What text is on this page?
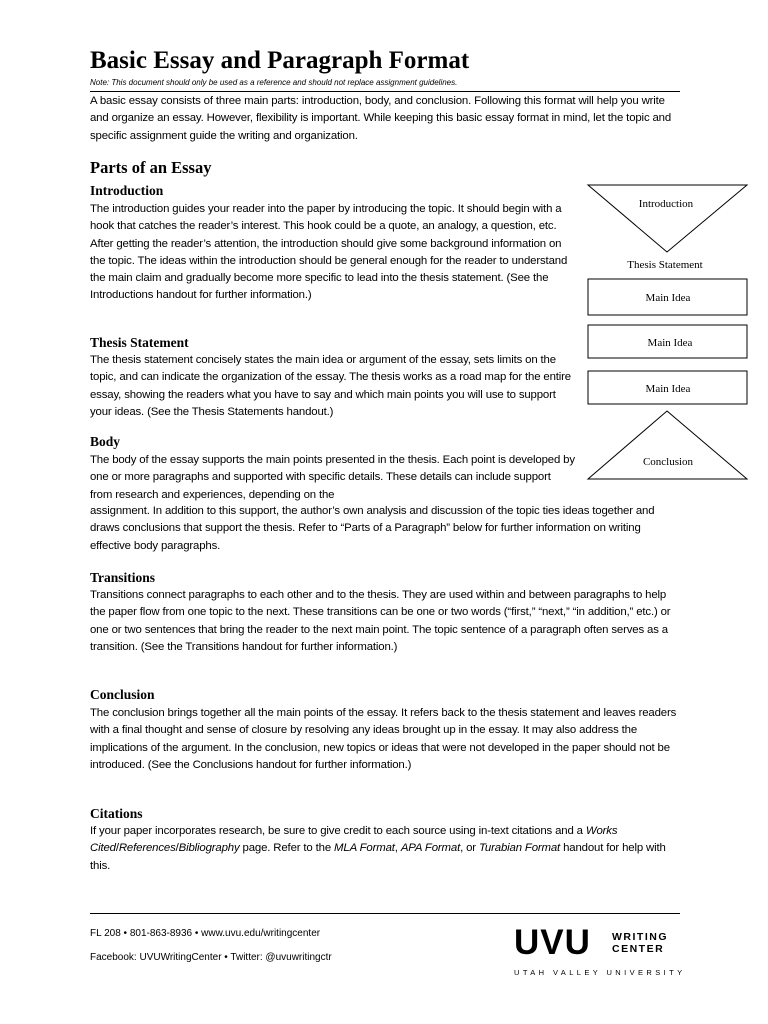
Basic Essay and Paragraph Format

Note: This document should only be used as a reference and should not replace assignment guidelines.

A basic essay consists of three main parts: introduction, body, and conclusion. Following this format will help you write and organize an essay. However, flexibility is important. While keeping this basic essay format in mind, let the topic and specific assignment guide the writing and organization.

Parts of an Essay
Introduction

The introduction guides your reader into the paper by introducing the topic. It should begin with a hook that catches the reader’s interest. This hook could be a quote, an analogy, a question, etc. After getting the reader’s attention, the introduction should give some background information on the topic. The ideas within the introduction should be general enough for the reader to understand the main claim and gradually become more specific to lead into the thesis statement. (See the Introductions handout for further information.)

Thesis Statement

The thesis statement concisely states the main idea or argument of the essay, sets limits on the topic, and can indicate the organization of the essay. The thesis works as a road map for the entire essay, showing the readers what you have to say and which main points you will use to support your ideas. (See the Thesis Statements handout.)

Body

The body of the essay supports the main points presented in the thesis. Each point is developed by one or more paragraphs and supported with specific details. These details can include support from research and experiences, depending on the

assignment. In addition to this support, the author’s own analysis and discussion of the topic ties ideas together and draws conclusions that support the thesis. Refer to “Parts of a Paragraph” below for further information on writing effective body paragraphs.

Transitions

Transitions connect paragraphs to each other and to the thesis. They are used within and between paragraphs to help the paper flow from one topic to the next. These transitions can be one or two words (“first,” “next,” “in addition,” etc.) or one or two sentences that bring the reader to the next main point. The topic sentence of a paragraph often serves as a transition. (See the Transitions handout for further information.)

Conclusion

The conclusion brings together all the main points of the essay. It refers back to the thesis statement and leaves readers with a final thought and sense of closure by resolving any ideas brought up in the essay. It may also address the implications of the argument. In the conclusion, new topics or ideas that were not developed in the paper should not be introduced. (See the Conclusions handout for further information.)

Citations

If your paper incorporates research, be sure to give credit to each source using in-text citations and a Works Cited/References/Bibliography page. Refer to the MLA Format, APA Format, or Turabian Format handout for help with this.

Introduction
Thesis Statement
Main Idea
Main Idea
Main Idea
Conclusion

FL 208 • 801-863-8936 • www.uvu.edu/writingcenter

Facebook: UVUWritingCenter • Twitter: @uvuwritingctr	UVU WRITING
CENTER
UTAH VALLEY UNIVERSITY
